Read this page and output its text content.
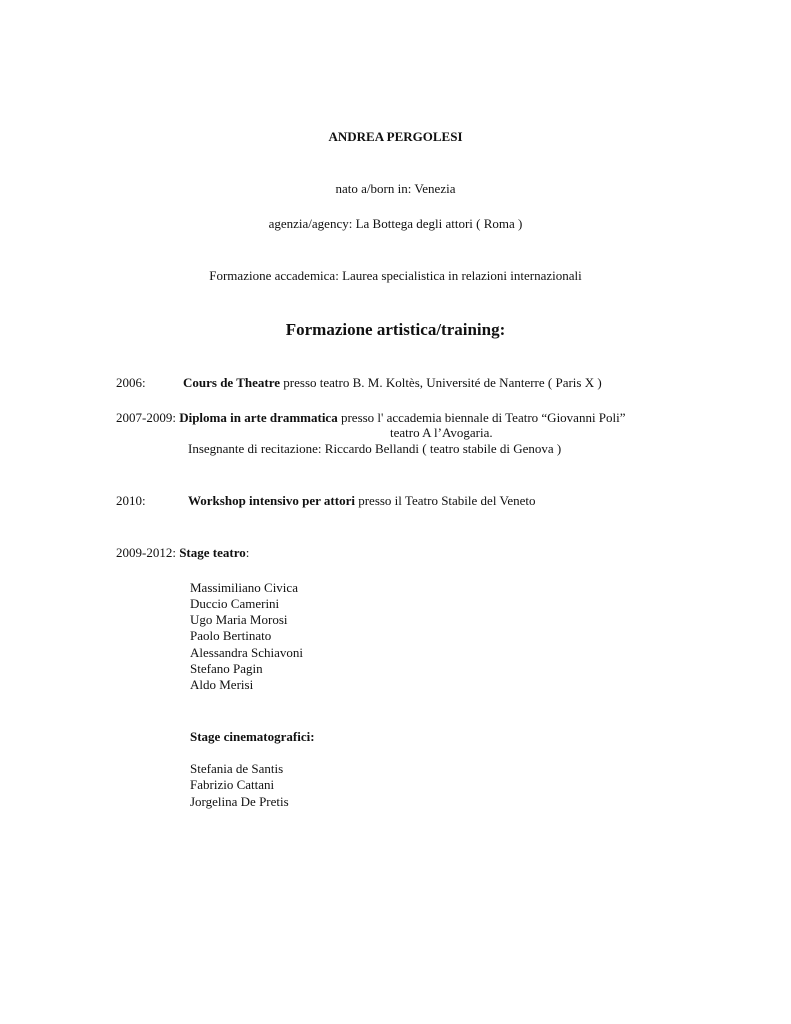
ANDREA PERGOLESI
nato a/born in: Venezia
agenzia/agency: La Bottega degli attori ( Roma )
Formazione accademica: Laurea specialistica in relazioni internazionali
Formazione artistica/training:
2006:	Cours de Theatre presso teatro B. M. Koltès, Université de Nanterre ( Paris X )
2007-2009: Diploma in arte drammatica presso l' accademia biennale di Teatro “Giovanni Poli”
teatro A l’Avogaria.
Insegnante di recitazione: Riccardo Bellandi ( teatro stabile di Genova )
2010:	Workshop intensivo per attori presso il Teatro Stabile del Veneto
2009-2012: Stage teatro:
Massimiliano Civica
Duccio Camerini
Ugo Maria Morosi
Paolo Bertinato
Alessandra Schiavoni
Stefano Pagin
Aldo Merisi
Stage cinematografici:
Stefania de Santis
Fabrizio Cattani
Jorgelina De Pretis
